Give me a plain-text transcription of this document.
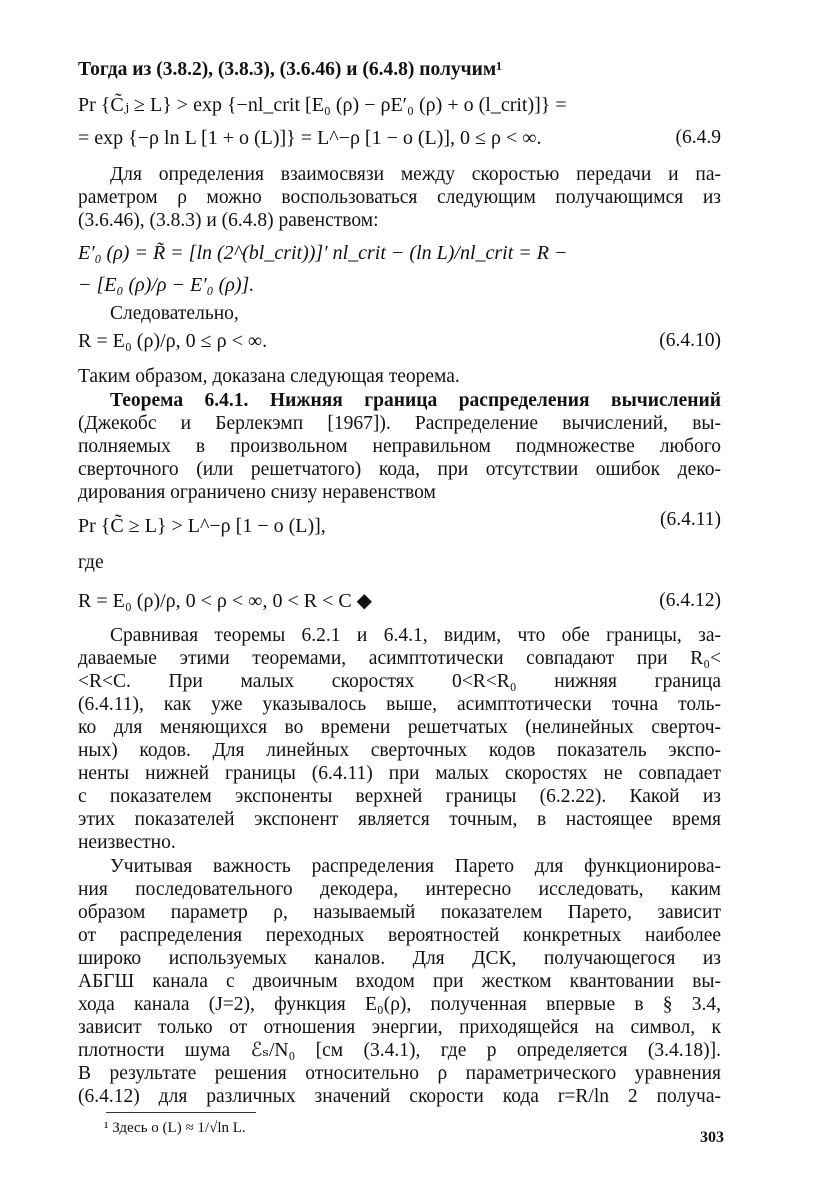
Тогда из (3.8.2), (3.8.3), (3.6.46) и (6.4.8) получим¹
Pr {C̃ⱼ ≥ L} > exp {−nl_crit [E₀ (ρ) − ρE′₀ (ρ) + o (l_crit)]} =
= exp {−ρ ln L [1 + o (L)]} = L^−ρ [1 − o (L)], 0 ≤ ρ < ∞.	(6.4.9
Для определения взаимосвязи между скоростью передачи и па-
раметром ρ можно воспользоваться следующим получающимся из
(3.6.46), (3.8.3) и (6.4.8) равенством:
E′₀ (ρ) = R̃ = [ln (2^(bl_crit))]′ nl_crit − (ln L)/nl_crit = R −
− [E₀ (ρ)/ρ − E′₀ (ρ)].
Следовательно,
R = E₀ (ρ)/ρ, 0 ≤ ρ < ∞.	(6.4.10)
Таким образом, доказана следующая теорема.
Теорема 6.4.1. Нижняя граница распределения вычислений
(Джекобс и Берлекэмп [1967]). Распределение вычислений, вы-
полняемых в произвольном неправильном подмножестве любого
сверточного (или решетчатого) кода, при отсутствии ошибок деко-
дирования ограничено снизу неравенством
Pr {C̃ ≥ L} > L^−ρ [1 − o (L)],	(6.4.11)
где
R = E₀ (ρ)/ρ, 0 < ρ < ∞, 0 < R < C ◆	(6.4.12)
Сравнивая теоремы 6.2.1 и 6.4.1, видим, что обе границы, за-
даваемые этими теоремами, асимптотически совпадают при R₀<
<R<C. При малых скоростях 0<R<R₀ нижняя граница
(6.4.11), как уже указывалось выше, асимптотически точна толь-
ко для меняющихся во времени решетчатых (нелинейных сверточ-
ных) кодов. Для линейных сверточных кодов показатель экспо-
ненты нижней границы (6.4.11) при малых скоростях не совпадает
с показателем экспоненты верхней границы (6.2.22). Какой из
этих показателей экспонент является точным, в настоящее время
неизвестно.
Учитывая важность распределения Парето для функционирова-
ния последовательного декодера, интересно исследовать, каким
образом параметр ρ, называемый показателем Парето, зависит
от распределения переходных вероятностей конкретных наиболее
широко используемых каналов. Для ДСК, получающегося из
АБГШ канала с двоичным входом при жестком квантовании вы-
хода канала (J=2), функция E₀(ρ), полученная впервые в § 3.4,
зависит только от отношения энергии, приходящейся на символ, к
плотности шума ℰₛ/N₀ [см (3.4.1), где p определяется (3.4.18)].
В результате решения относительно ρ параметрического уравнения
(6.4.12) для различных значений скорости кода r=R/ln 2 получа-
¹ Здесь o (L) ≈ 1/√ln L.
303
